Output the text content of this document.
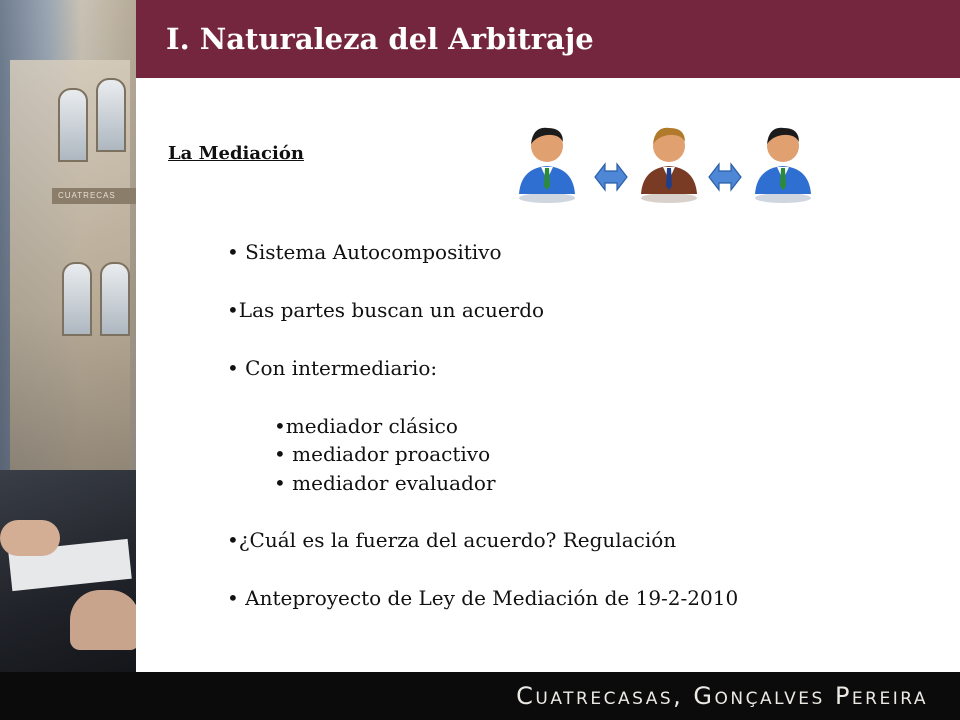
CUATRECAS
I. Naturaleza del Arbitraje
La Mediación
• Sistema Autocompositivo
•Las partes buscan un acuerdo
• Con intermediario:
•mediador clásico
• mediador proactivo
• mediador evaluador
•¿Cuál es la fuerza del acuerdo? Regulación
• Anteproyecto de Ley de Mediación de 19-2-2010
Cuatrecasas, Gonçalves Pereira
